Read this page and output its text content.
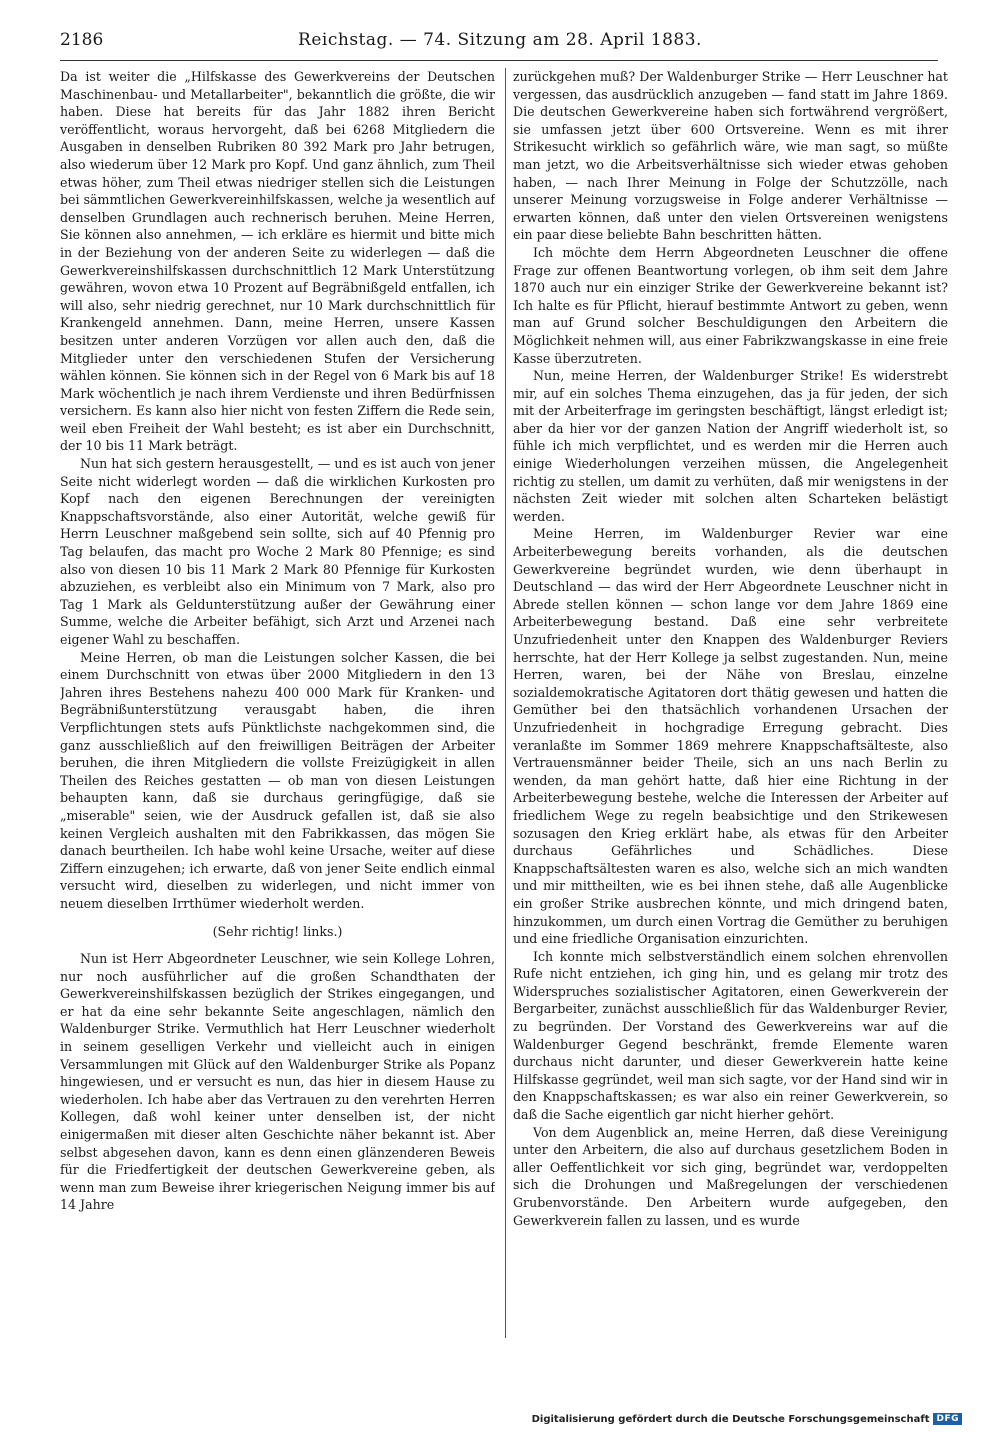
2186	Reichstag. — 74. Sitzung am 28. April 1883.

Da ist weiter die „Hilfskasse des Gewerkvereins der Deutschen Maschinenbau- und Metallarbeiter", bekanntlich die größte, die wir haben. Diese hat bereits für das Jahr 1882 ihren Bericht veröffentlicht, woraus hervorgeht, daß bei 6268 Mitgliedern die Ausgaben in denselben Rubriken 80 392 Mark pro Jahr betrugen, also wiederum über 12 Mark pro Kopf. Und ganz ähnlich, zum Theil etwas höher, zum Theil etwas niedriger stellen sich die Leistungen bei sämmtlichen Gewerkvereinhilfskassen, welche ja wesentlich auf denselben Grundlagen auch rechnerisch beruhen. Meine Herren, Sie können also annehmen, — ich erkläre es hiermit und bitte mich in der Beziehung von der anderen Seite zu widerlegen — daß die Gewerkvereinshilfskassen durchschnittlich 12 Mark Unterstützung gewähren, wovon etwa 10 Prozent auf Begräbnißgeld entfallen, ich will also, sehr niedrig gerechnet, nur 10 Mark durchschnittlich für Krankengeld annehmen. Dann, meine Herren, unsere Kassen besitzen unter anderen Vorzügen vor allen auch den, daß die Mitglieder unter den verschiedenen Stufen der Versicherung wählen können. Sie können sich in der Regel von 6 Mark bis auf 18 Mark wöchentlich je nach ihrem Verdienste und ihren Bedürfnissen versichern. Es kann also hier nicht von festen Ziffern die Rede sein, weil eben Freiheit der Wahl besteht; es ist aber ein Durchschnitt, der 10 bis 11 Mark beträgt.

Nun hat sich gestern herausgestellt, — und es ist auch von jener Seite nicht widerlegt worden — daß die wirklichen Kurkosten pro Kopf nach den eigenen Berechnungen der vereinigten Knappschaftsvorstände, also einer Autorität, welche gewiß für Herrn Leuschner maßgebend sein sollte, sich auf 40 Pfennig pro Tag belaufen, das macht pro Woche 2 Mark 80 Pfennige; es sind also von diesen 10 bis 11 Mark 2 Mark 80 Pfennige für Kurkosten abzuziehen, es verbleibt also ein Minimum von 7 Mark, also pro Tag 1 Mark als Geldunterstützung außer der Gewährung einer Summe, welche die Arbeiter befähigt, sich Arzt und Arzenei nach eigener Wahl zu beschaffen.

Meine Herren, ob man die Leistungen solcher Kassen, die bei einem Durchschnitt von etwas über 2000 Mitgliedern in den 13 Jahren ihres Bestehens nahezu 400 000 Mark für Kranken- und Begräbnißunterstützung verausgabt haben, die ihren Verpflichtungen stets aufs Pünktlichste nachgekommen sind, die ganz ausschließlich auf den freiwilligen Beiträgen der Arbeiter beruhen, die ihren Mitgliedern die vollste Freizügigkeit in allen Theilen des Reiches gestatten — ob man von diesen Leistungen behaupten kann, daß sie durchaus geringfügige, daß sie „miserable" seien, wie der Ausdruck gefallen ist, daß sie also keinen Vergleich aushalten mit den Fabrikkassen, das mögen Sie danach beurtheilen. Ich habe wohl keine Ursache, weiter auf diese Ziffern einzugehen; ich erwarte, daß von jener Seite endlich einmal versucht wird, dieselben zu widerlegen, und nicht immer von neuem dieselben Irrthümer wiederholt werden.

(Sehr richtig! links.)

Nun ist Herr Abgeordneter Leuschner, wie sein Kollege Lohren, nur noch ausführlicher auf die großen Schandthaten der Gewerkvereinshilfskassen bezüglich der Strikes eingegangen, und er hat da eine sehr bekannte Seite angeschlagen, nämlich den Waldenburger Strike. Vermuthlich hat Herr Leuschner wiederholt in seinem geselligen Verkehr und vielleicht auch in einigen Versammlungen mit Glück auf den Waldenburger Strike als Popanz hingewiesen, und er versucht es nun, das hier in diesem Hause zu wiederholen. Ich habe aber das Vertrauen zu den verehrten Herren Kollegen, daß wohl keiner unter denselben ist, der nicht einigermaßen mit dieser alten Geschichte näher bekannt ist. Aber selbst abgesehen davon, kann es denn einen glänzenderen Beweis für die Friedfertigkeit der deutschen Gewerkvereine geben, als wenn man zum Beweise ihrer kriegerischen Neigung immer bis auf 14 Jahre

zurückgehen muß? Der Waldenburger Strike — Herr Leuschner hat vergessen, das ausdrücklich anzugeben — fand statt im Jahre 1869. Die deutschen Gewerkvereine haben sich fortwährend vergrößert, sie umfassen jetzt über 600 Ortsvereine. Wenn es mit ihrer Strikesucht wirklich so gefährlich wäre, wie man sagt, so müßte man jetzt, wo die Arbeitsverhältnisse sich wieder etwas gehoben haben, — nach Ihrer Meinung in Folge der Schutzzölle, nach unserer Meinung vorzugsweise in Folge anderer Verhältnisse — erwarten können, daß unter den vielen Ortsvereinen wenigstens ein paar diese beliebte Bahn beschritten hätten.

Ich möchte dem Herrn Abgeordneten Leuschner die offene Frage zur offenen Beantwortung vorlegen, ob ihm seit dem Jahre 1870 auch nur ein einziger Strike der Gewerkvereine bekannt ist? Ich halte es für Pflicht, hierauf bestimmte Antwort zu geben, wenn man auf Grund solcher Beschuldigungen den Arbeitern die Möglichkeit nehmen will, aus einer Fabrikzwangskasse in eine freie Kasse überzutreten.

Nun, meine Herren, der Waldenburger Strike! Es widerstrebt mir, auf ein solches Thema einzugehen, das ja für jeden, der sich mit der Arbeiterfrage im geringsten beschäftigt, längst erledigt ist; aber da hier vor der ganzen Nation der Angriff wiederholt ist, so fühle ich mich verpflichtet, und es werden mir die Herren auch einige Wiederholungen verzeihen müssen, die Angelegenheit richtig zu stellen, um damit zu verhüten, daß mir wenigstens in der nächsten Zeit wieder mit solchen alten Scharteken belästigt werden.

Meine Herren, im Waldenburger Revier war eine Arbeiterbewegung bereits vorhanden, als die deutschen Gewerkvereine begründet wurden, wie denn überhaupt in Deutschland — das wird der Herr Abgeordnete Leuschner nicht in Abrede stellen können — schon lange vor dem Jahre 1869 eine Arbeiterbewegung bestand. Daß eine sehr verbreitete Unzufriedenheit unter den Knappen des Waldenburger Reviers herrschte, hat der Herr Kollege ja selbst zugestanden. Nun, meine Herren, waren, bei der Nähe von Breslau, einzelne sozialdemokratische Agitatoren dort thätig gewesen und hatten die Gemüther bei den thatsächlich vorhandenen Ursachen der Unzufriedenheit in hochgradige Erregung gebracht. Dies veranlaßte im Sommer 1869 mehrere Knappschaftsälteste, also Vertrauensmänner beider Theile, sich an uns nach Berlin zu wenden, da man gehört hatte, daß hier eine Richtung in der Arbeiterbewegung bestehe, welche die Interessen der Arbeiter auf friedlichem Wege zu regeln beabsichtige und den Strikewesen sozusagen den Krieg erklärt habe, als etwas für den Arbeiter durchaus Gefährliches und Schädliches. Diese Knappschaftsältesten waren es also, welche sich an mich wandten und mir mittheilten, wie es bei ihnen stehe, daß alle Augenblicke ein großer Strike ausbrechen könnte, und mich dringend baten, hinzukommen, um durch einen Vortrag die Gemüther zu beruhigen und eine friedliche Organisation einzurichten.

Ich konnte mich selbstverständlich einem solchen ehrenvollen Rufe nicht entziehen, ich ging hin, und es gelang mir trotz des Widerspruches sozialistischer Agitatoren, einen Gewerkverein der Bergarbeiter, zunächst ausschließlich für das Waldenburger Revier, zu begründen. Der Vorstand des Gewerkvereins war auf die Waldenburger Gegend beschränkt, fremde Elemente waren durchaus nicht darunter, und dieser Gewerkverein hatte keine Hilfskasse gegründet, weil man sich sagte, vor der Hand sind wir in den Knappschaftskassen; es war also ein reiner Gewerkverein, so daß die Sache eigentlich gar nicht hierher gehört.

Von dem Augenblick an, meine Herren, daß diese Vereinigung unter den Arbeitern, die also auf durchaus gesetzlichem Boden in aller Oeffentlichkeit vor sich ging, begründet war, verdoppelten sich die Drohungen und Maßregelungen der verschiedenen Grubenvorstände. Den Arbeitern wurde aufgegeben, den Gewerkverein fallen zu lassen, und es wurde

Digitalisierung gefördert durch die Deutsche Forschungsgemeinschaft DFG
